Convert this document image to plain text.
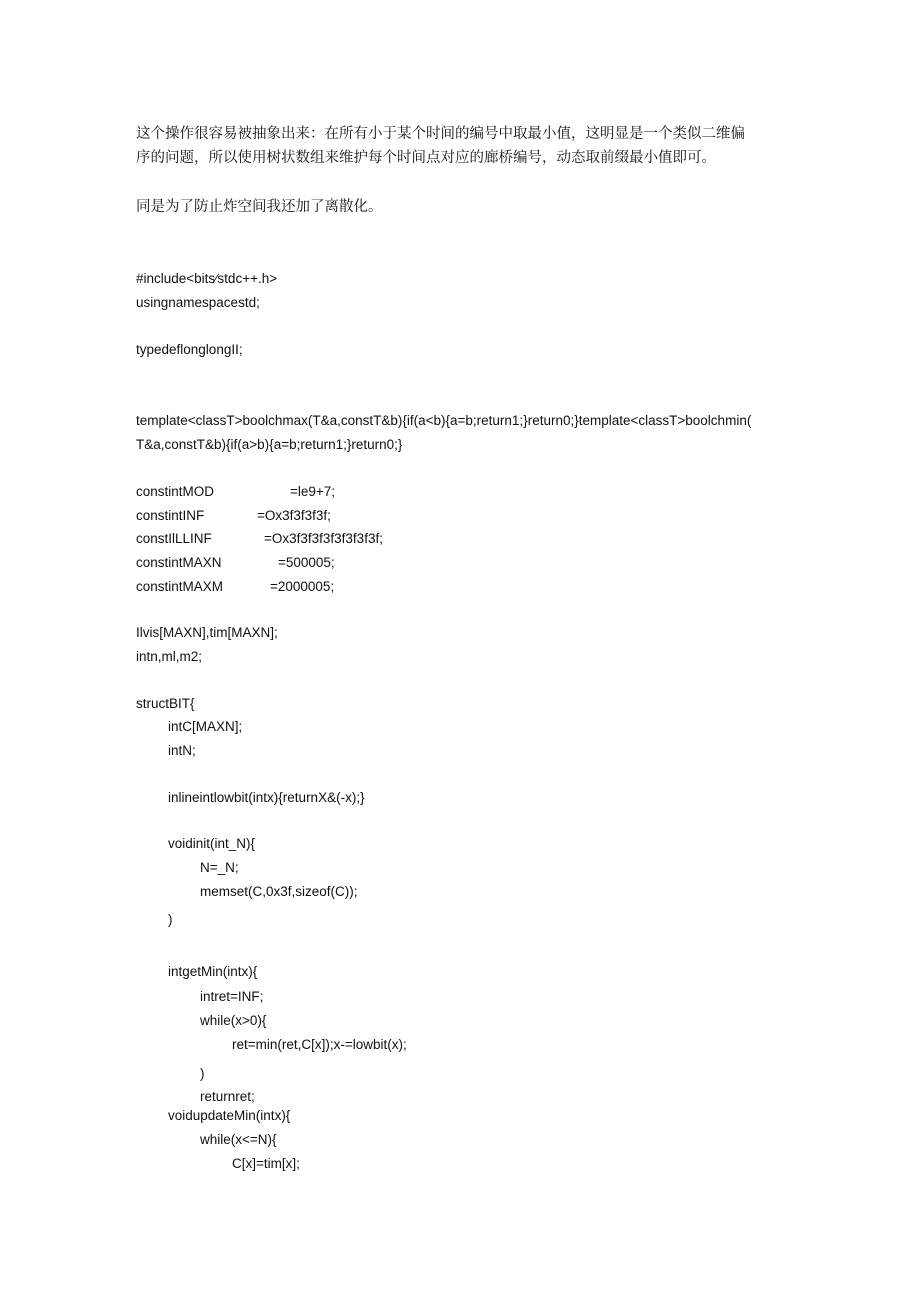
这个操作很容易被抽象出来：在所有小于某个时间的编号中取最小值，这明显是一个类似二维偏

序的问题，所以使用树状数组来维护每个时间点对应的廊桥编号，动态取前缀最小值即可。

同是为了防止炸空间我还加了离散化。

#include<bits∕stdc++.h>
usingnamespacestd;
typedeflonglongII;
template<classT>boolchmax(T&a,constT&b){if(a<b){a=b;return1;}return0;}template<classT>boolchmin(
T&a,constT&b){if(a>b){a=b;return1;}return0;}
constintMOD	=le9+7;
constintINF	=Ox3f3f3f3f;
constIlLLINF	=Ox3f3f3f3f3f3f3f3f;
constintMAXN	=500005;
constintMAXM	=2000005;
Ilvis[MAXN],tim[MAXN];
intn,ml,m2;
structBIT{
intC[MAXN];
intN;
inlineintlowbit(intx){returnX&(-x);}
voidinit(int_N){
N=_N;
memset(C,0x3f,sizeof(C));
)
intgetMin(intx){
intret=INF;
while(x>0){
ret=min(ret,C[x]);x-=lowbit(x);
)
returnret;
voidupdateMin(intx){
while(x<=N){
C[x]=tim[x];
